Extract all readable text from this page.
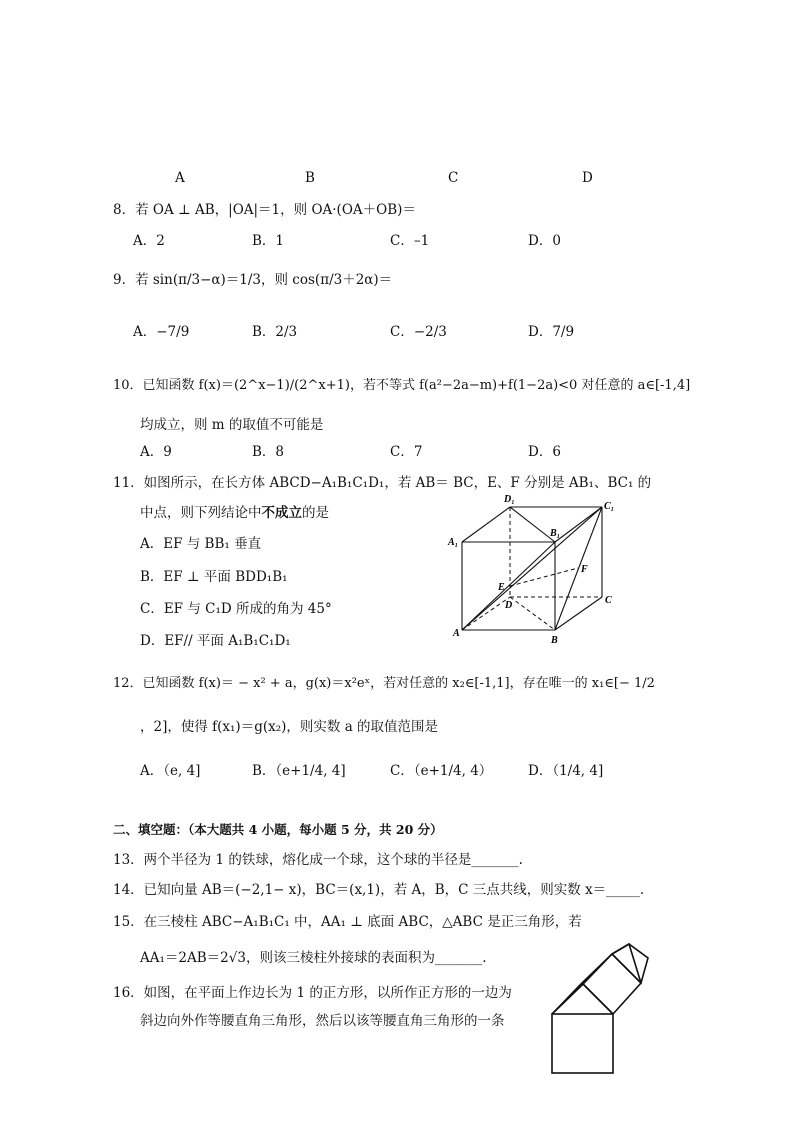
A	B	C	D
8．若 OA ⊥ AB，|OA|＝1，则 OA·(OA＋OB)＝
A．2	B．1	C．–1	D．0
9．若 sin(π/3−α)＝1/3，则 cos(π/3＋2α)＝
A．−7/9	B．2/3	C．−2/3	D．7/9
10．已知函数 f(x)＝(2^x−1)/(2^x+1)，若不等式 f(a²−2a−m)+f(1−2a)<0 对任意的 a∈[-1,4]
均成立，则 m 的取值不可能是
A．9	B．8	C．7	D．6
11．如图所示，在长方体 ABCD−A₁B₁C₁D₁，若 AB＝ BC，E、F 分别是 AB₁、BC₁ 的
中点，则下列结论中不成立的是
A．EF 与 BB₁ 垂直
B．EF ⊥ 平面 BDD₁B₁
C．EF 与 C₁D 所成的角为 45°
D．EF// 平面 A₁B₁C₁D₁
D₁
C₁
A₁
B₁
E
F
D	C
A
B
12．已知函数 f(x)＝ − x² + a，g(x)＝x²eˣ，若对任意的 x₂∈[-1,1]，存在唯一的 x₁∈[− 1/2
，2]，使得 f(x₁)＝g(x₂)，则实数 a 的取值范围是
A．（e, 4]	B．（e+1/4, 4]	C．（e+1/4, 4）	D．（1/4, 4]
二、填空题：（本大题共 4 小题，每小题 5 分，共 20 分）
13．两个半径为 1 的铁球，熔化成一个球，这个球的半径是_______.
14．已知向量 AB＝(−2,1− x)，BC＝(x,1)，若 A，B，C 三点共线，则实数 x＝_____.
15．在三棱柱 ABC−A₁B₁C₁ 中，AA₁ ⊥ 底面 ABC，△ABC 是正三角形，若
AA₁＝2AB＝2√3，则该三棱柱外接球的表面积为_______.
16．如图，在平面上作边长为 1 的正方形，以所作正方形的一边为
斜边向外作等腰直角三角形，然后以该等腰直角三角形的一条
